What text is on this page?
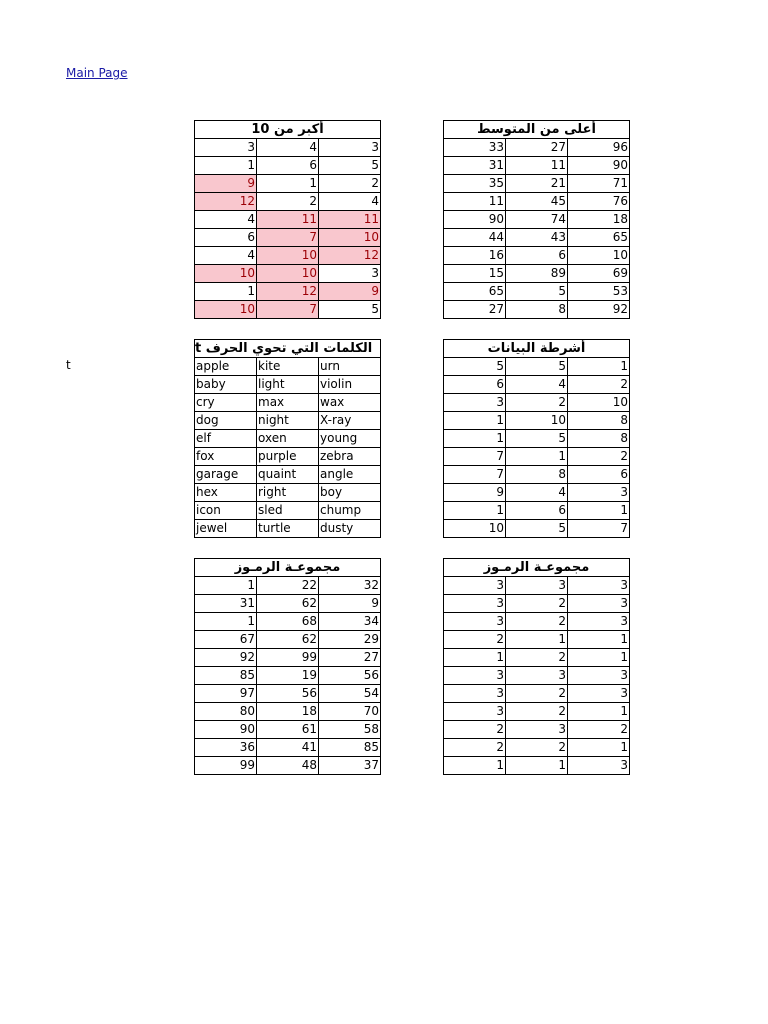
Main Page
t
أكبر من 10		
3	4	3
1	6	5
9	1	2
12	2	4
4	11	11
6	7	10
4	10	12
10	10	3
1	12	9
10	7	5
أعلى من المتوسط		
33	27	96
31	11	90
35	21	71
11	45	76
90	74	18
44	43	65
16	6	10
15	89	69
65	5	53
27	8	92
الكلمات التي تحوي الحرف t		
apple	kite	urn
baby	light	violin
cry	max	wax
dog	night	X-ray
elf	oxen	young
fox	purple	zebra
garage	quaint	angle
hex	right	boy
icon	sled	chump
jewel	turtle	dusty
أشرطة البيانات		
5	5	1
6	4	2
3	2	10
1	10	8
1	5	8
7	1	2
7	8	6
9	4	3
1	6	1
10	5	7
مجموعـة الرمـوز		
1	22	32
31	62	9
1	68	34
67	62	29
92	99	27
85	19	56
97	56	54
80	18	70
90	61	58
36	41	85
99	48	37
مجموعـة الرمـوز		
3	3	3
3	2	3
3	2	3
2	1	1
1	2	1
3	3	3
3	2	3
3	2	1
2	3	2
2	2	1
1	1	3
